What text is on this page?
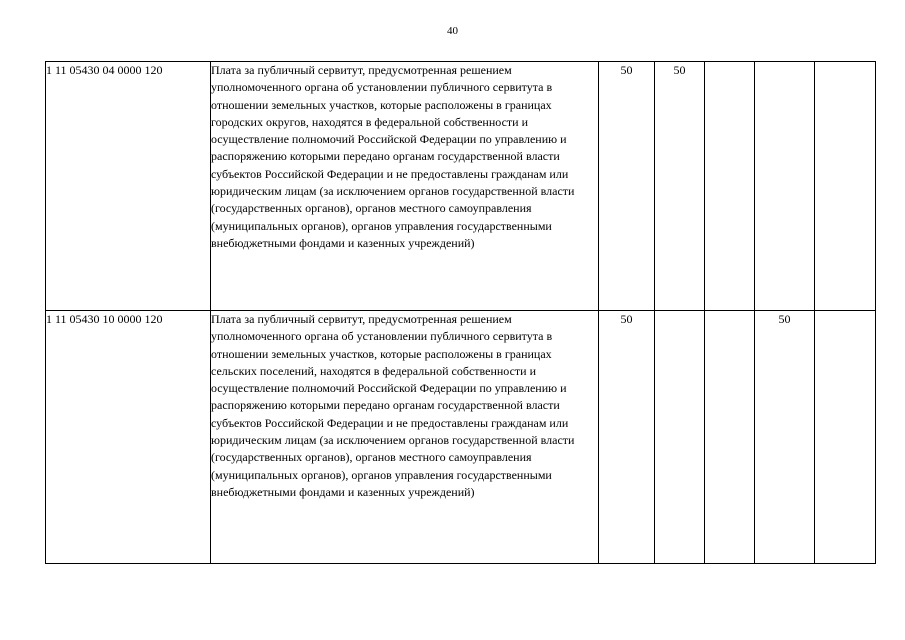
40
1 11 05430 04 0000 120	Плата за публичный сервитут, предусмотренная решением уполномоченного органа об установлении публичного сервитута в отношении земельных участков, которые расположены в границах городских округов, находятся в федеральной собственности и осуществление полномочий Российской Федерации по управлению и распоряжению которыми передано органам государственной власти субъектов Российской Федерации и не предоставлены гражданам или юридическим лицам (за исключением органов государственной власти (государственных органов), органов местного самоуправления (муниципальных органов), органов управления государственными внебюджетными фондами и казенных учреждений)	50	50			
1 11 05430 10 0000 120	Плата за публичный сервитут, предусмотренная решением уполномоченного органа об установлении публичного сервитута в отношении земельных участков, которые расположены в границах сельских поселений, находятся в федеральной собственности и осуществление полномочий Российской Федерации по управлению и распоряжению которыми передано органам государственной власти субъектов Российской Федерации и не предоставлены гражданам или юридическим лицам (за исключением органов государственной власти (государственных органов), органов местного самоуправления (муниципальных органов), органов управления государственными внебюджетными фондами и казенных учреждений)	50			50	
